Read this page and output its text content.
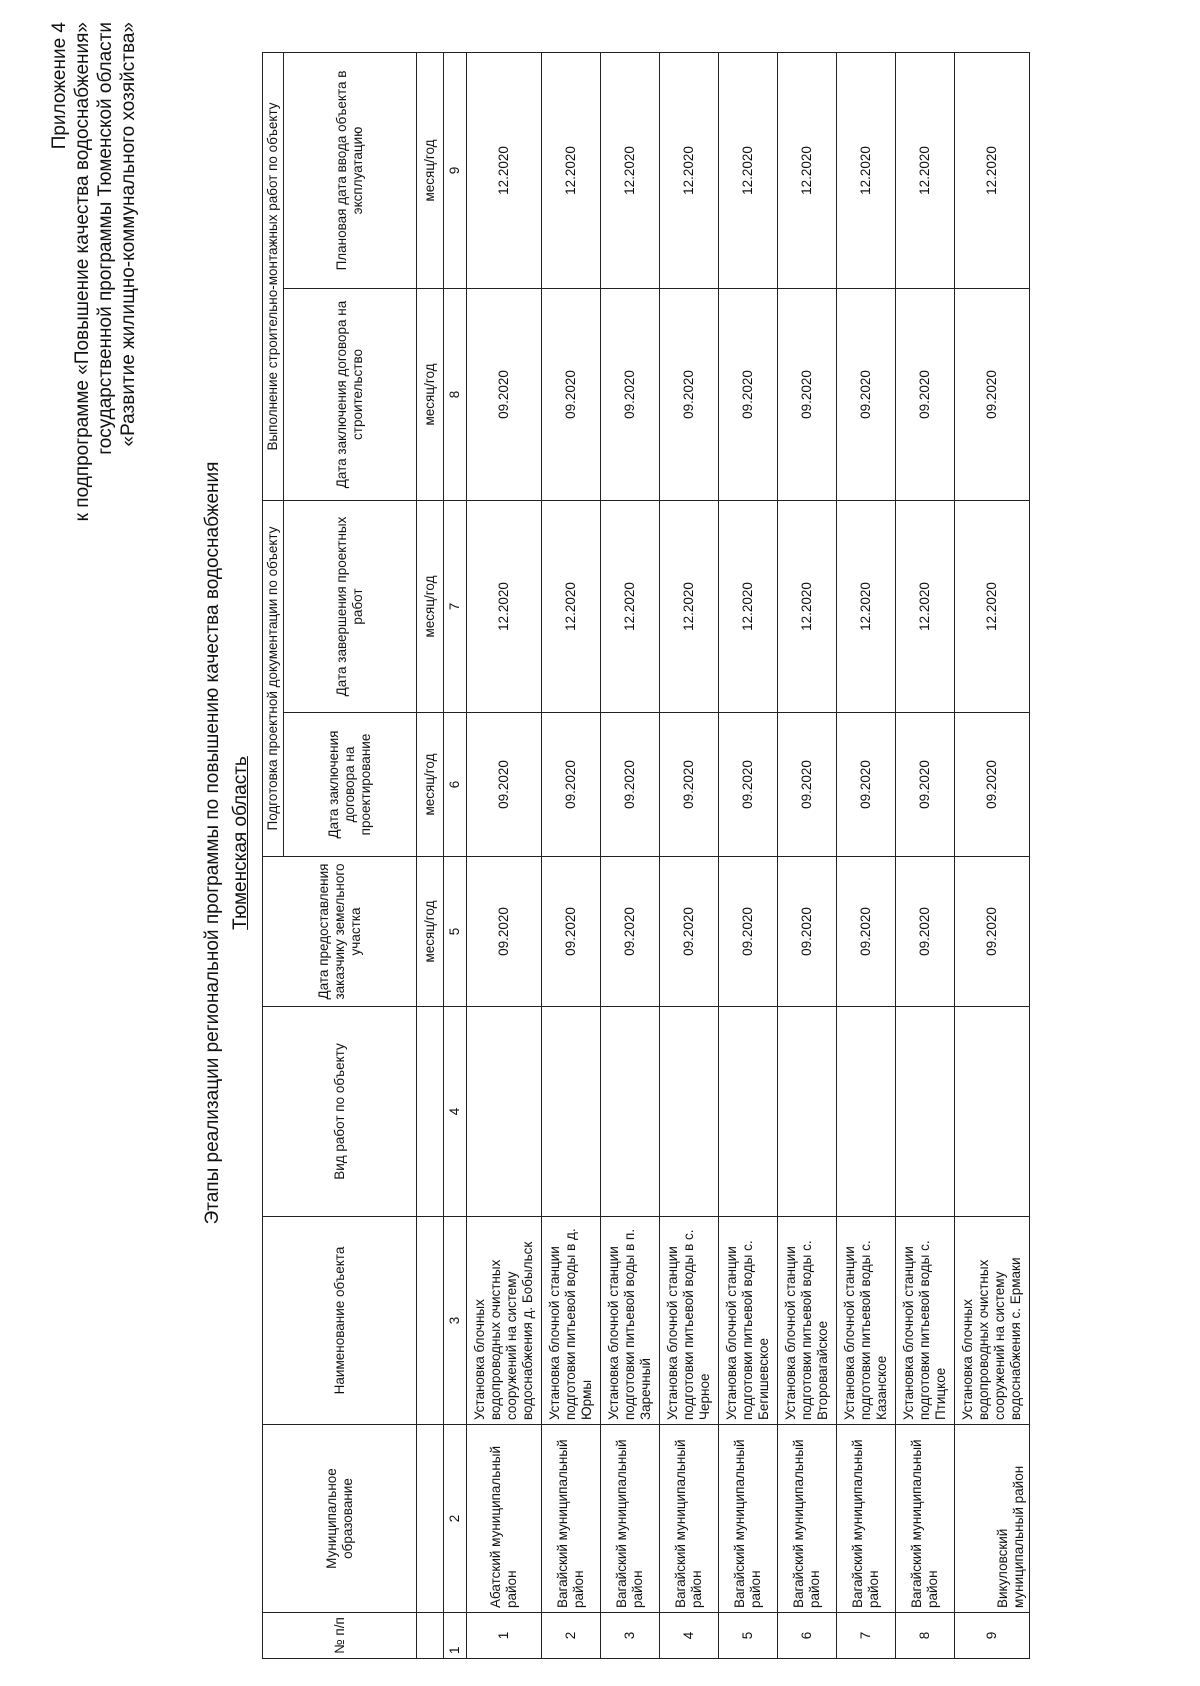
Приложение 4 к подпрограмме «Повышение качества водоснабжения» государственной программы Тюменской области «Развитие жилищно-коммунального хозяйства»
Этапы реализации региональной программы по повышению качества водоснабжения Тюменская область
№ п/п	Муниципальное образование	Наименование объекта	Вид работ по объекту	Дата предоставления заказчику земельного участка	Подготовка проектной документации по объекту		Выполнение строительно-монтажных работ по объекту	
					Дата заключения договора на проектирование	Дата завершения проектных работ	Дата заключения договора на строительство	Плановая дата ввода объекта в эксплуатацию
				месяц/год	месяц/год	месяц/год	месяц/год	месяц/год
1	2	3	4	5	6	7	8	9
1	Абатский муниципальный район	Установка блочных водопроводных очистных сооружений на систему водоснабжения д. Бобыльск		09.2020	09.2020	12.2020	09.2020	12.2020
2	Вагайский муниципальный район	Установка блочной станции подготовки питьевой воды в д. Юрмы		09.2020	09.2020	12.2020	09.2020	12.2020
3	Вагайский муниципальный район	Установка блочной станции подготовки питьевой воды в п. Заречный		09.2020	09.2020	12.2020	09.2020	12.2020
4	Вагайский муниципальный район	Установка блочной станции подготовки питьевой воды в с. Черное		09.2020	09.2020	12.2020	09.2020	12.2020
5	Вагайский муниципальный район	Установка блочной станции подготовки питьевой воды с. Бегишевское		09.2020	09.2020	12.2020	09.2020	12.2020
6	Вагайский муниципальный район	Установка блочной станции подготовки питьевой воды с. Второвагайское		09.2020	09.2020	12.2020	09.2020	12.2020
7	Вагайский муниципальный район	Установка блочной станции подготовки питьевой воды с. Казанское		09.2020	09.2020	12.2020	09.2020	12.2020
8	Вагайский муниципальный район	Установка блочной станции подготовки питьевой воды с. Птицкое		09.2020	09.2020	12.2020	09.2020	12.2020
9	Викуловский муниципальный район	Установка блочных водопроводных очистных сооружений на систему водоснабжения с. Ермаки		09.2020	09.2020	12.2020	09.2020	12.2020
